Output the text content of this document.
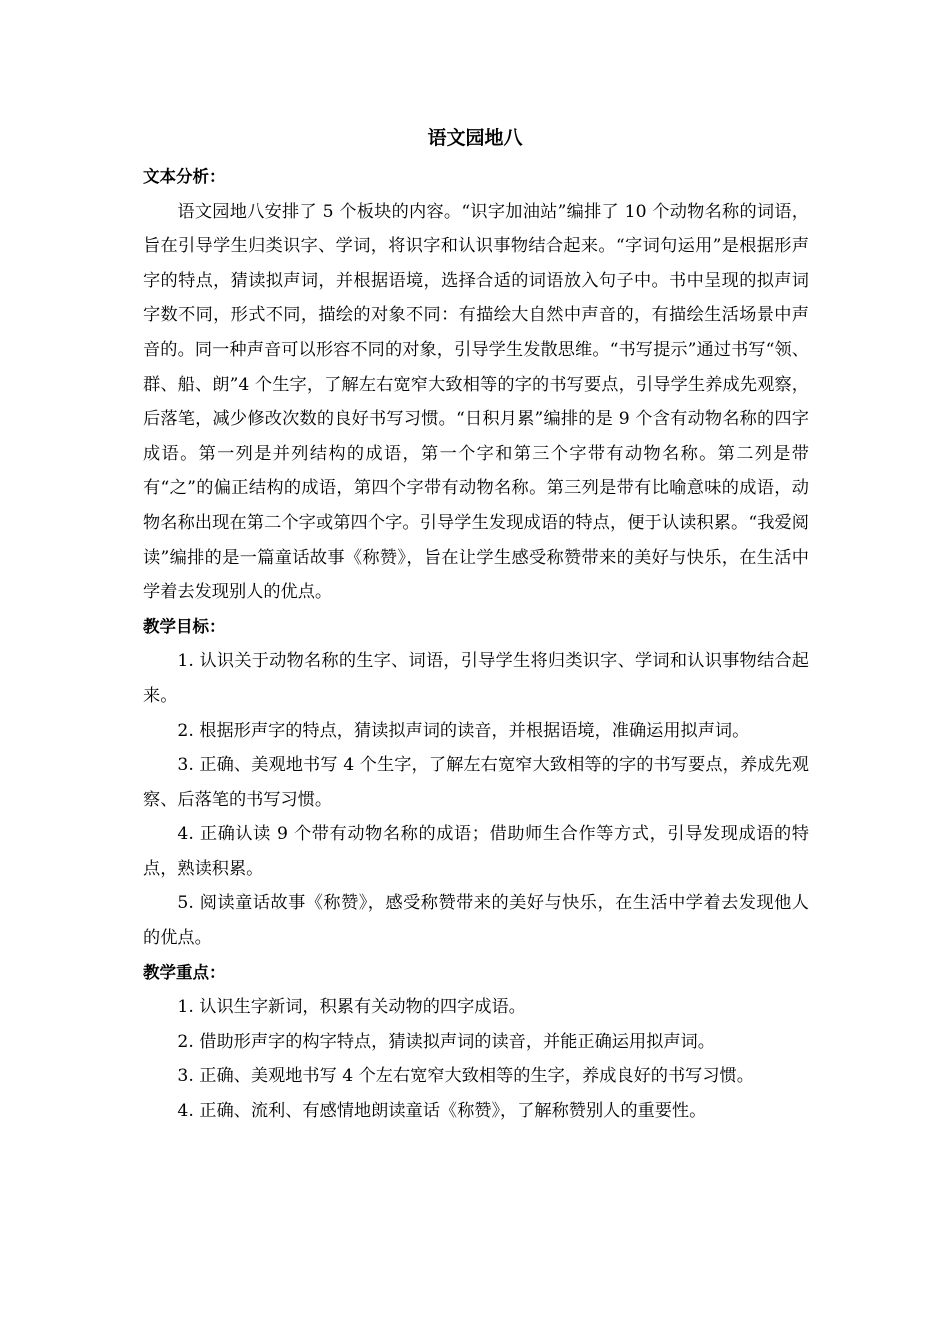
语文园地八

文本分析：

语文园地八安排了 5 个板块的内容。“识字加油站”编排了 10 个动物名称的词语，旨在引导学生归类识字、学词，将识字和认识事物结合起来。“字词句运用”是根据形声字的特点，猜读拟声词，并根据语境，选择合适的词语放入句子中。书中呈现的拟声词字数不同，形式不同，描绘的对象不同：有描绘大自然中声音的，有描绘生活场景中声音的。同一种声音可以形容不同的对象，引导学生发散思维。“书写提示”通过书写“领、群、船、朗”4 个生字，了解左右宽窄大致相等的字的书写要点，引导学生养成先观察，后落笔，减少修改次数的良好书写习惯。“日积月累”编排的是 9 个含有动物名称的四字成语。第一列是并列结构的成语，第一个字和第三个字带有动物名称。第二列是带有“之”的偏正结构的成语，第四个字带有动物名称。第三列是带有比喻意味的成语，动物名称出现在第二个字或第四个字。引导学生发现成语的特点，便于认读积累。“我爱阅读”编排的是一篇童话故事《称赞》，旨在让学生感受称赞带来的美好与快乐，在生活中学着去发现别人的优点。

教学目标：

1. 认识关于动物名称的生字、词语，引导学生将归类识字、学词和认识事物结合起来。

2. 根据形声字的特点，猜读拟声词的读音，并根据语境，准确运用拟声词。

3. 正确、美观地书写 4 个生字，了解左右宽窄大致相等的字的书写要点，养成先观察、后落笔的书写习惯。

4. 正确认读 9 个带有动物名称的成语；借助师生合作等方式，引导发现成语的特点，熟读积累。

5. 阅读童话故事《称赞》，感受称赞带来的美好与快乐，在生活中学着去发现他人的优点。

教学重点：

1. 认识生字新词，积累有关动物的四字成语。

2. 借助形声字的构字特点，猜读拟声词的读音，并能正确运用拟声词。

3. 正确、美观地书写 4 个左右宽窄大致相等的生字，养成良好的书写习惯。

4. 正确、流利、有感情地朗读童话《称赞》，了解称赞别人的重要性。
